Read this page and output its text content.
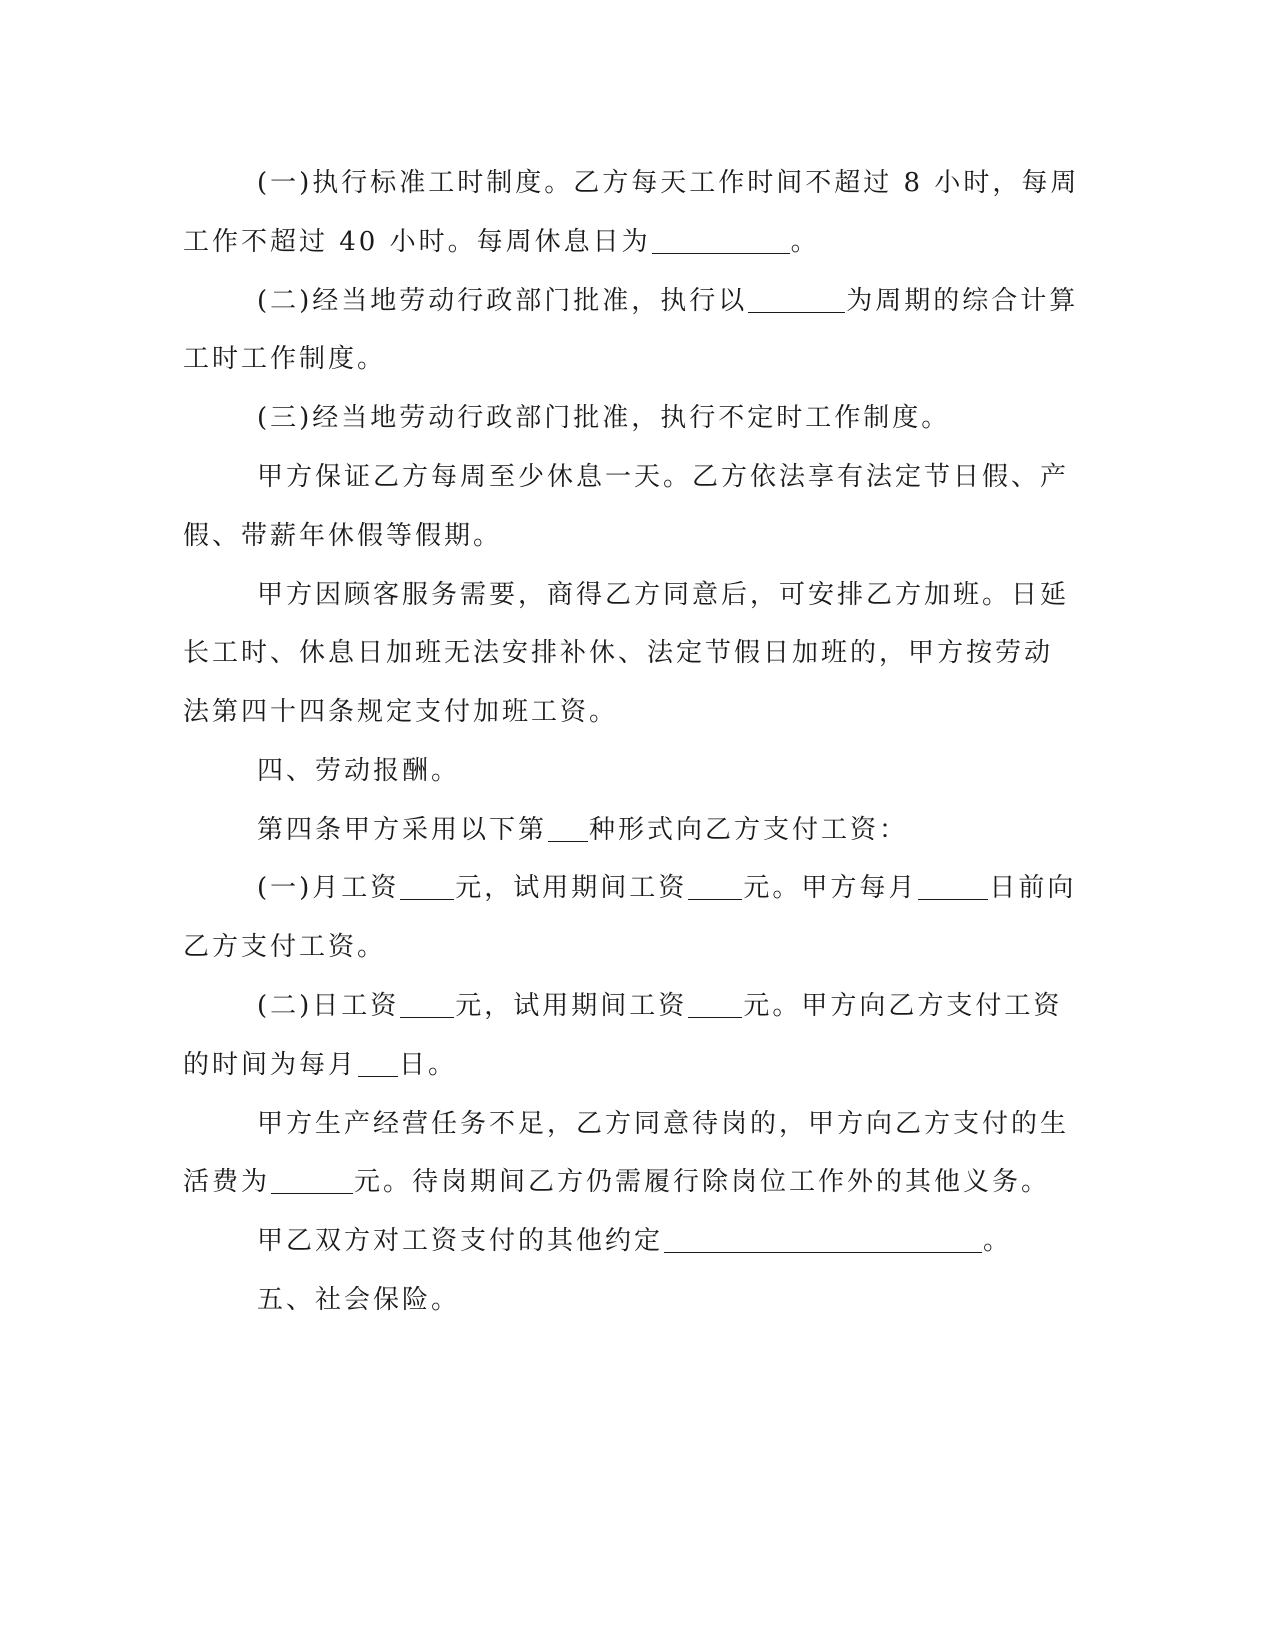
(一)执行标准工时制度。乙方每天工作时间不超过 8 小时，每周
工作不超过 40 小时。每周休息日为	。
(二)经当地劳动行政部门批准，执行以	为周期的综合计算
工时工作制度。
(三)经当地劳动行政部门批准，执行不定时工作制度。
甲方保证乙方每周至少休息一天。乙方依法享有法定节日假、产
假、带薪年休假等假期。
甲方因顾客服务需要，商得乙方同意后，可安排乙方加班。日延
长工时、休息日加班无法安排补休、法定节假日加班的，甲方按劳动
法第四十四条规定支付加班工资。
四、劳动报酬。
第四条甲方采用以下第 种形式向乙方支付工资：
(一)月工资 元，试用期间工资 元。甲方每月	日前向
乙方支付工资。
(二)日工资 元，试用期间工资 元。甲方向乙方支付工资
的时间为每月 日。
甲方生产经营任务不足，乙方同意待岗的，甲方向乙方支付的生
活费为	元。待岗期间乙方仍需履行除岗位工作外的其他义务。
甲乙双方对工资支付的其他约定	。
五、社会保险。
